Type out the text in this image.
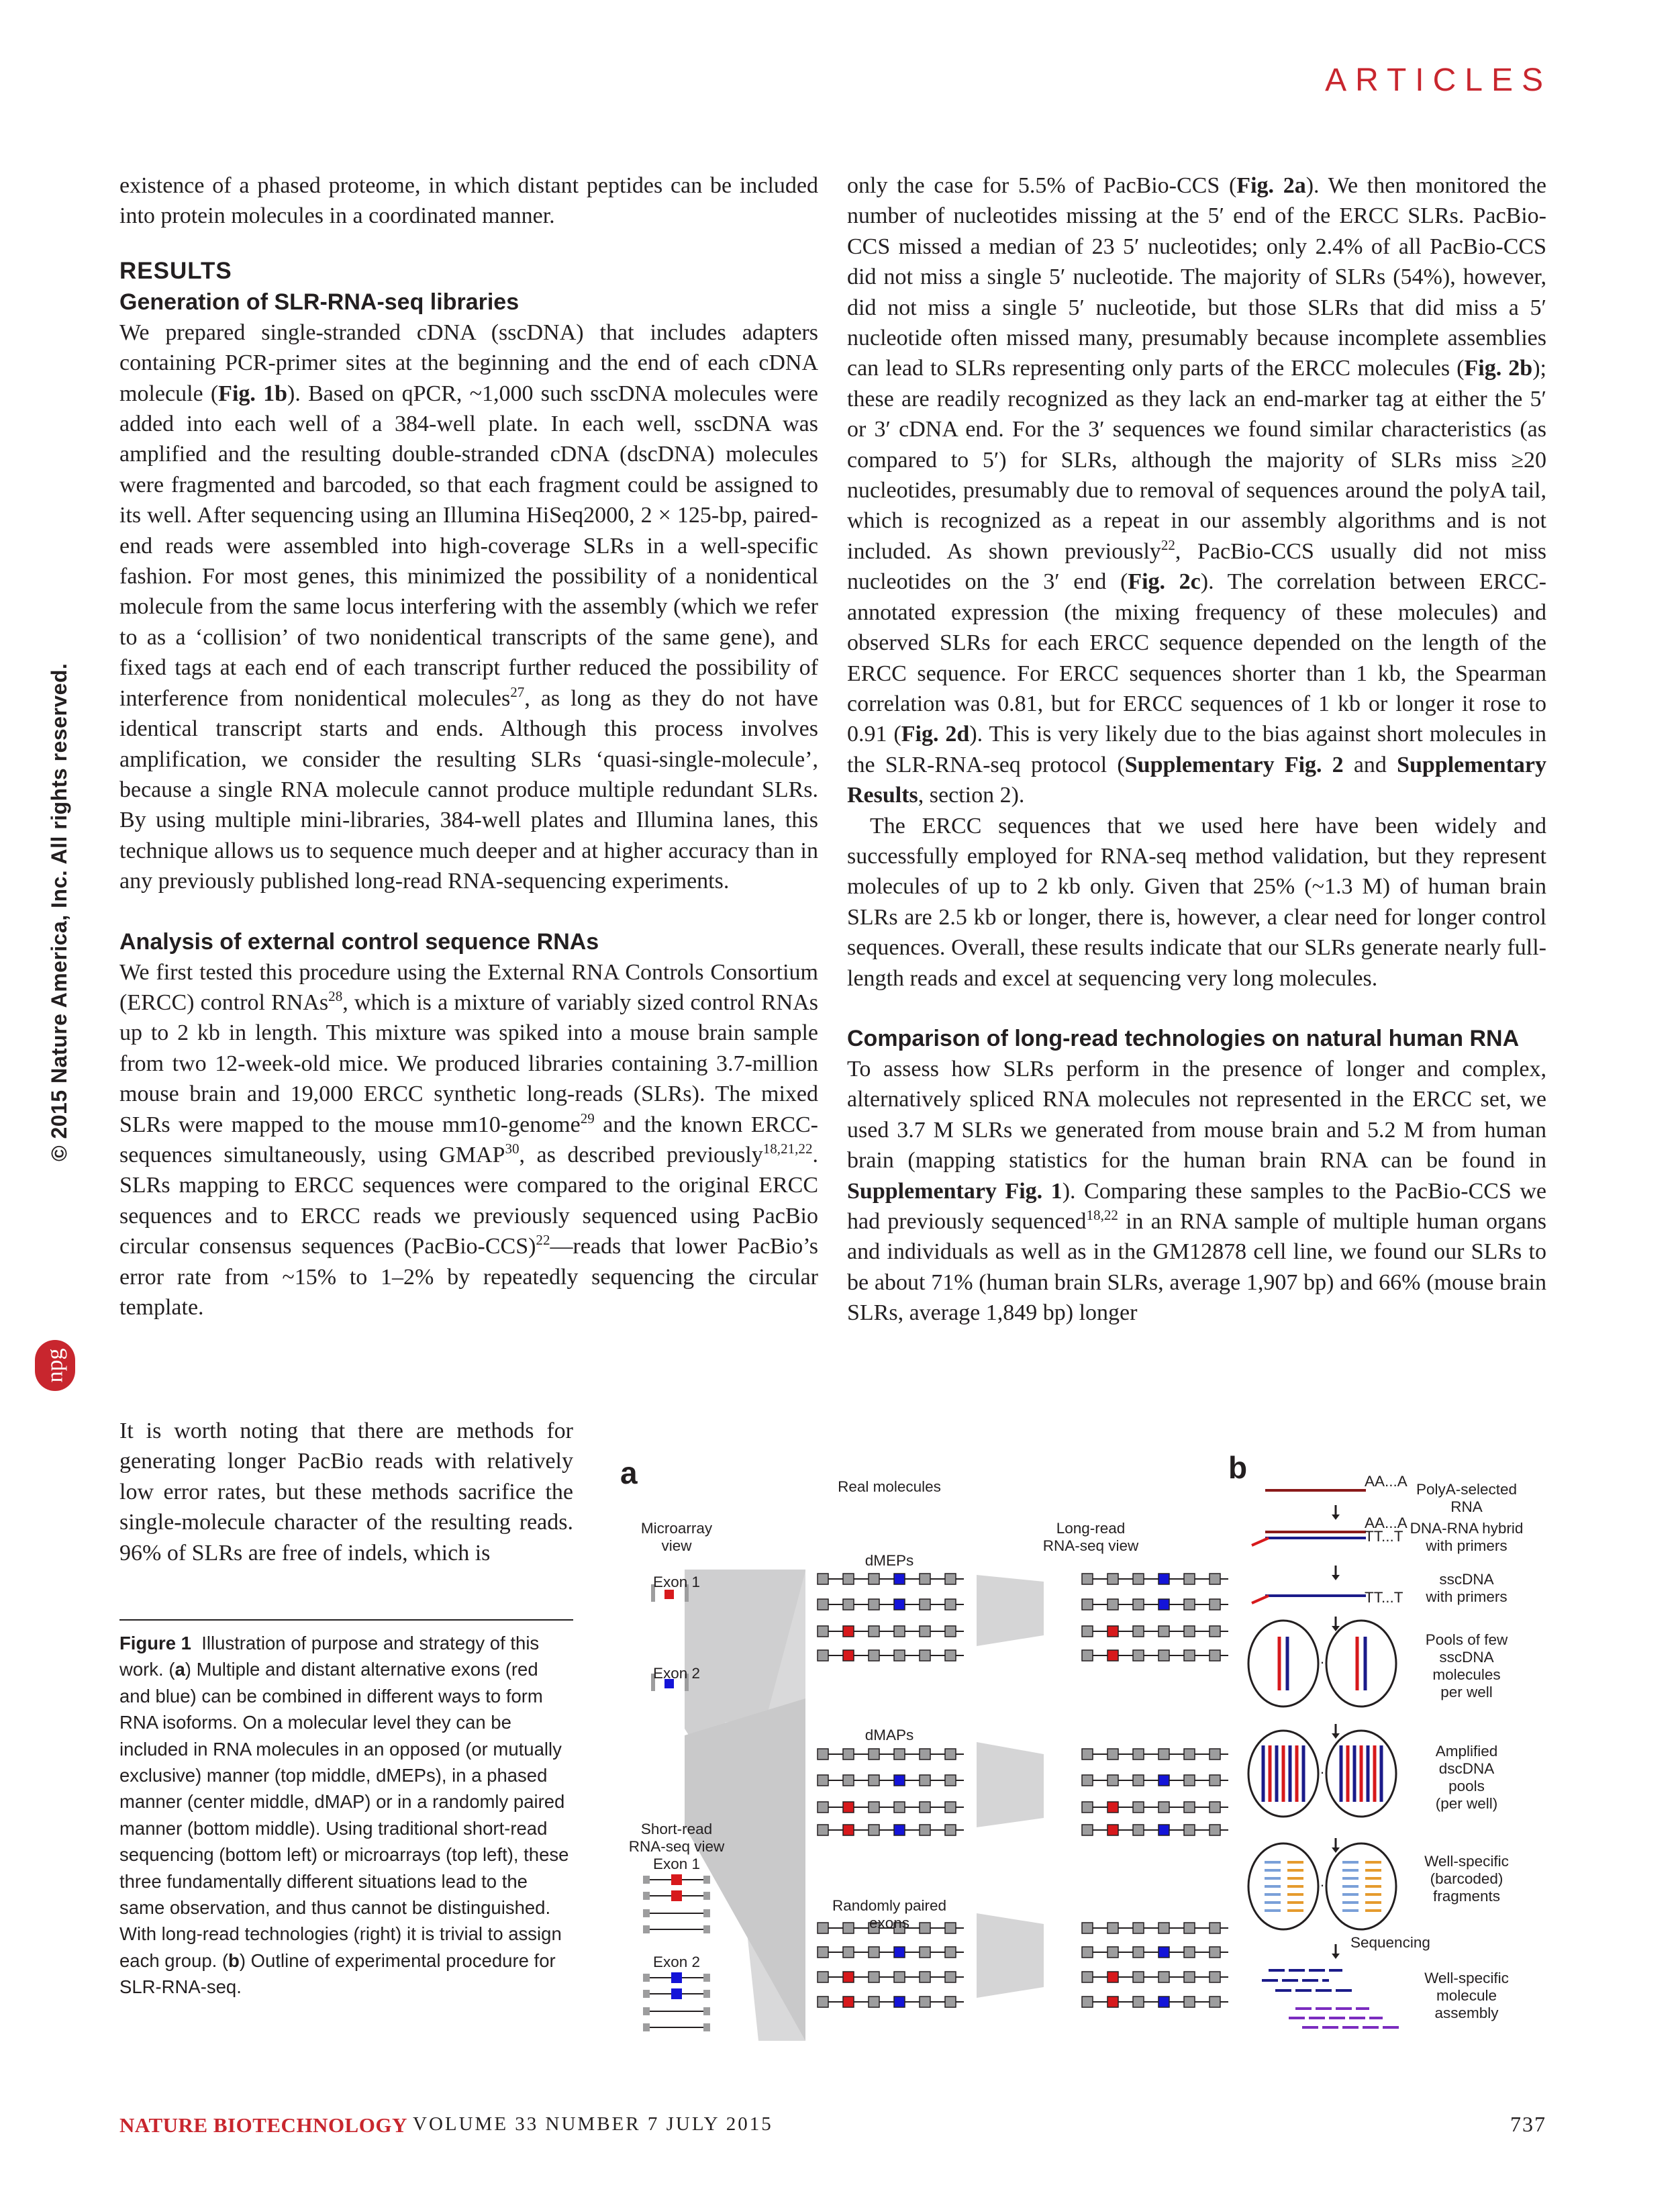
ARTICLES
© 2015 Nature America, Inc. All rights reserved.
npg

existence of a phased proteome, in which distant peptides can be included into protein molecules in a coordinated manner.

RESULTS
Generation of SLR-RNA-seq libraries

We prepared single-stranded cDNA (sscDNA) that includes adapters containing PCR-primer sites at the beginning and the end of each cDNA molecule (Fig. 1b). Based on qPCR, ~1,000 such sscDNA molecules were added into each well of a 384-well plate. In each well, sscDNA was amplified and the resulting double-stranded cDNA (dscDNA) molecules were fragmented and barcoded, so that each fragment could be assigned to its well. After sequencing using an Illumina HiSeq2000, 2 × 125-bp, paired-end reads were assembled into high-coverage SLRs in a well-specific fashion. For most genes, this minimized the possibility of a nonidentical molecule from the same locus interfering with the assembly (which we refer to as a ‘collision’ of two nonidentical transcripts of the same gene), and fixed tags at each end of each transcript further reduced the possibility of interference from nonidentical molecules$^{27}$, as long as they do not have identical transcript starts and ends. Although this process involves amplification, we consider the resulting SLRs ‘quasi-single-molecule’, because a single RNA molecule cannot produce multiple redundant SLRs. By using multiple mini-libraries, 384-well plates and Illumina lanes, this technique allows us to sequence much deeper and at higher accuracy than in any previously published long-read RNA-sequencing experiments.

Analysis of external control sequence RNAs

We first tested this procedure using the External RNA Controls Consortium (ERCC) control RNAs$^{28}$, which is a mixture of variably sized control RNAs up to 2 kb in length. This mixture was spiked into a mouse brain sample from two 12-week-old mice. We produced libraries containing 3.7-million mouse brain and 19,000 ERCC synthetic long-reads (SLRs). The mixed SLRs were mapped to the mouse mm10-genome$^{29}$ and the known ERCC-sequences simultaneously, using GMAP$^{30}$, as described previously$^{18,21,22}$. SLRs mapping to ERCC sequences were compared to the original ERCC sequences and to ERCC reads we previously sequenced using PacBio circular consensus sequences (PacBio-CCS)$^{22}$—reads that lower PacBio’s error rate from ~15% to 1–2% by repeatedly sequencing the circular template.

It is worth noting that there are methods for generating longer PacBio reads with relatively low error rates, but these methods sacrifice the single-molecule character of the resulting reads. 96% of SLRs are free of indels, which is

only the case for 5.5% of PacBio-CCS (Fig. 2a). We then monitored the number of nucleotides missing at the 5′ end of the ERCC SLRs. PacBio-CCS missed a median of 23 5′ nucleotides; only 2.4% of all PacBio-CCS did not miss a single 5′ nucleotide. The majority of SLRs (54%), however, did not miss a single 5′ nucleotide, but those SLRs that did miss a 5′ nucleotide often missed many, presumably because incomplete assemblies can lead to SLRs representing only parts of the ERCC molecules (Fig. 2b); these are readily recognized as they lack an end-marker tag at either the 5′ or 3′ cDNA end. For the 3′ sequences we found similar characteristics (as compared to 5′) for SLRs, although the majority of SLRs miss ≥20 nucleotides, presumably due to removal of sequences around the polyA tail, which is recognized as a repeat in our assembly algorithms and is not included. As shown previously$^{22}$, PacBio-CCS usually did not miss nucleotides on the 3′ end (Fig. 2c). The correlation between ERCC-annotated expression (the mixing frequency of these molecules) and observed SLRs for each ERCC sequence depended on the length of the ERCC sequence. For ERCC sequences shorter than 1 kb, the Spearman correlation was 0.81, but for ERCC sequences of 1 kb or longer it rose to 0.91 (Fig. 2d). This is very likely due to the bias against short molecules in the SLR-RNA-seq protocol (Supplementary Fig. 2 and Supplementary Results, section 2).

The ERCC sequences that we used here have been widely and successfully employed for RNA-seq method validation, but they represent molecules of up to 2 kb only. Given that 25% (~1.3 M) of human brain SLRs are 2.5 kb or longer, there is, however, a clear need for longer control sequences. Overall, these results indicate that our SLRs generate nearly full-length reads and excel at sequencing very long molecules.

Comparison of long-read technologies on natural human RNA

To assess how SLRs perform in the presence of longer and complex, alternatively spliced RNA molecules not represented in the ERCC set, we used 3.7 M SLRs we generated from mouse brain and 5.2 M from human brain (mapping statistics for the human brain RNA can be found in Supplementary Fig. 1). Comparing these samples to the PacBio-CCS we had previously sequenced$^{18,22}$ in an RNA sample of multiple human organs and individuals as well as in the GM12878 cell line, we found our SLRs to be about 71% (human brain SLRs, average 1,907 bp) and 66% (mouse brain SLRs, average 1,849 bp) longer

Figure 1 Illustration of purpose and strategy of this work. (a) Multiple and distant alternative exons (red and blue) can be combined in different ways to form RNA isoforms. On a molecular level they can be included in RNA molecules in an opposed (or mutually exclusive) manner (top middle, dMEPs), in a phased manner (center middle, dMAP) or in a randomly paired manner (bottom middle). Using traditional short-read sequencing (bottom left) or microarrays (top left), these three fundamentally different situations lead to the same observation, and thus cannot be distinguished. With long-read technologies (right) it is trivial to assign each group. (b) Outline of experimental procedure for SLR-RNA-seq.
a	b
Real molecules
Microarray
view
Exon 1
Exon 2
dMEPs
dMAPs
Randomly paired
exons
Long-read
RNA-seq view
Short-read
RNA-seq view
Exon 1
Exon 2
PolyA-selected
RNA
DNA-RNA hybrid
with primers
sscDNA
with primers
Pools of few
sscDNA
molecules
per well
Amplified
dscDNA
pools
(per well)
Well-specific
(barcoded)
fragments
Sequencing
Well-specific
molecule
assembly
AA...A
AA...A
TT...T
TT...T
...
...
...
NATURE BIOTECHNOLOGY VOLUME 33 NUMBER 7 JULY 2015	737
